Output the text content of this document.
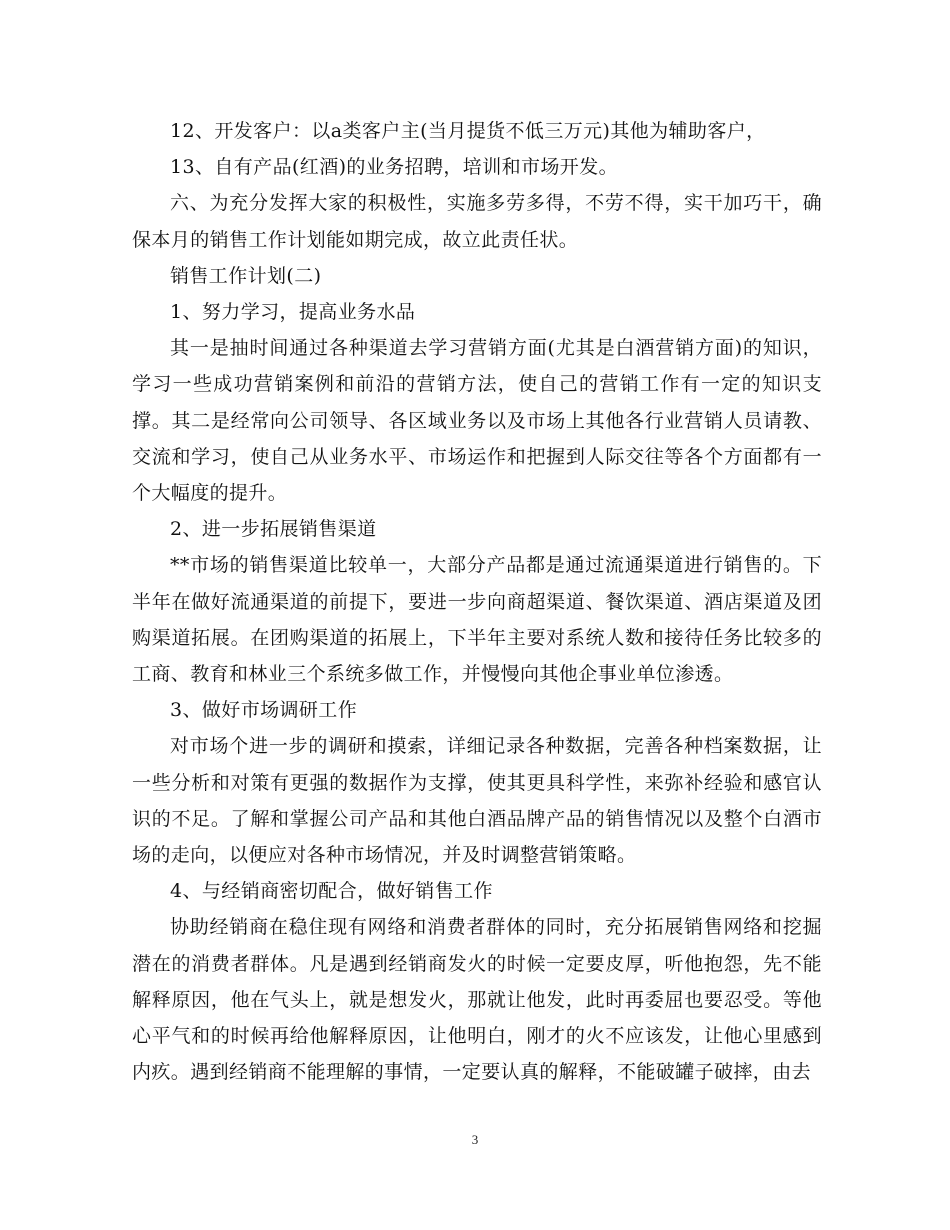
12、开发客户：以a类客户主(当月提货不低三万元)其他为辅助客户，

13、自有产品(红酒)的业务招聘，培训和市场开发。

六、为充分发挥大家的积极性，实施多劳多得，不劳不得，实干加巧干，确保本月的销售工作计划能如期完成，故立此责任状。

销售工作计划(二)

1、努力学习，提高业务水品

其一是抽时间通过各种渠道去学习营销方面(尤其是白酒营销方面)的知识，学习一些成功营销案例和前沿的营销方法，使自己的营销工作有一定的知识支撑。其二是经常向公司领导、各区域业务以及市场上其他各行业营销人员请教、交流和学习，使自己从业务水平、市场运作和把握到人际交往等各个方面都有一个大幅度的提升。

2、进一步拓展销售渠道

**市场的销售渠道比较单一，大部分产品都是通过流通渠道进行销售的。下半年在做好流通渠道的前提下，要进一步向商超渠道、餐饮渠道、酒店渠道及团购渠道拓展。在团购渠道的拓展上，下半年主要对系统人数和接待任务比较多的工商、教育和林业三个系统多做工作，并慢慢向其他企事业单位渗透。

3、做好市场调研工作

对市场个进一步的调研和摸索，详细记录各种数据，完善各种档案数据，让一些分析和对策有更强的数据作为支撑，使其更具科学性，来弥补经验和感官认识的不足。了解和掌握公司产品和其他白酒品牌产品的销售情况以及整个白酒市场的走向，以便应对各种市场情况，并及时调整营销策略。

4、与经销商密切配合，做好销售工作

协助经销商在稳住现有网络和消费者群体的同时，充分拓展销售网络和挖掘潜在的消费者群体。凡是遇到经销商发火的时候一定要皮厚，听他抱怨，先不能解释原因，他在气头上，就是想发火，那就让他发，此时再委屈也要忍受。等他心平气和的时候再给他解释原因，让他明白，刚才的火不应该发，让他心里感到内疚。遇到经销商不能理解的事情，一定要认真的解释，不能破罐子破摔，由去

3
